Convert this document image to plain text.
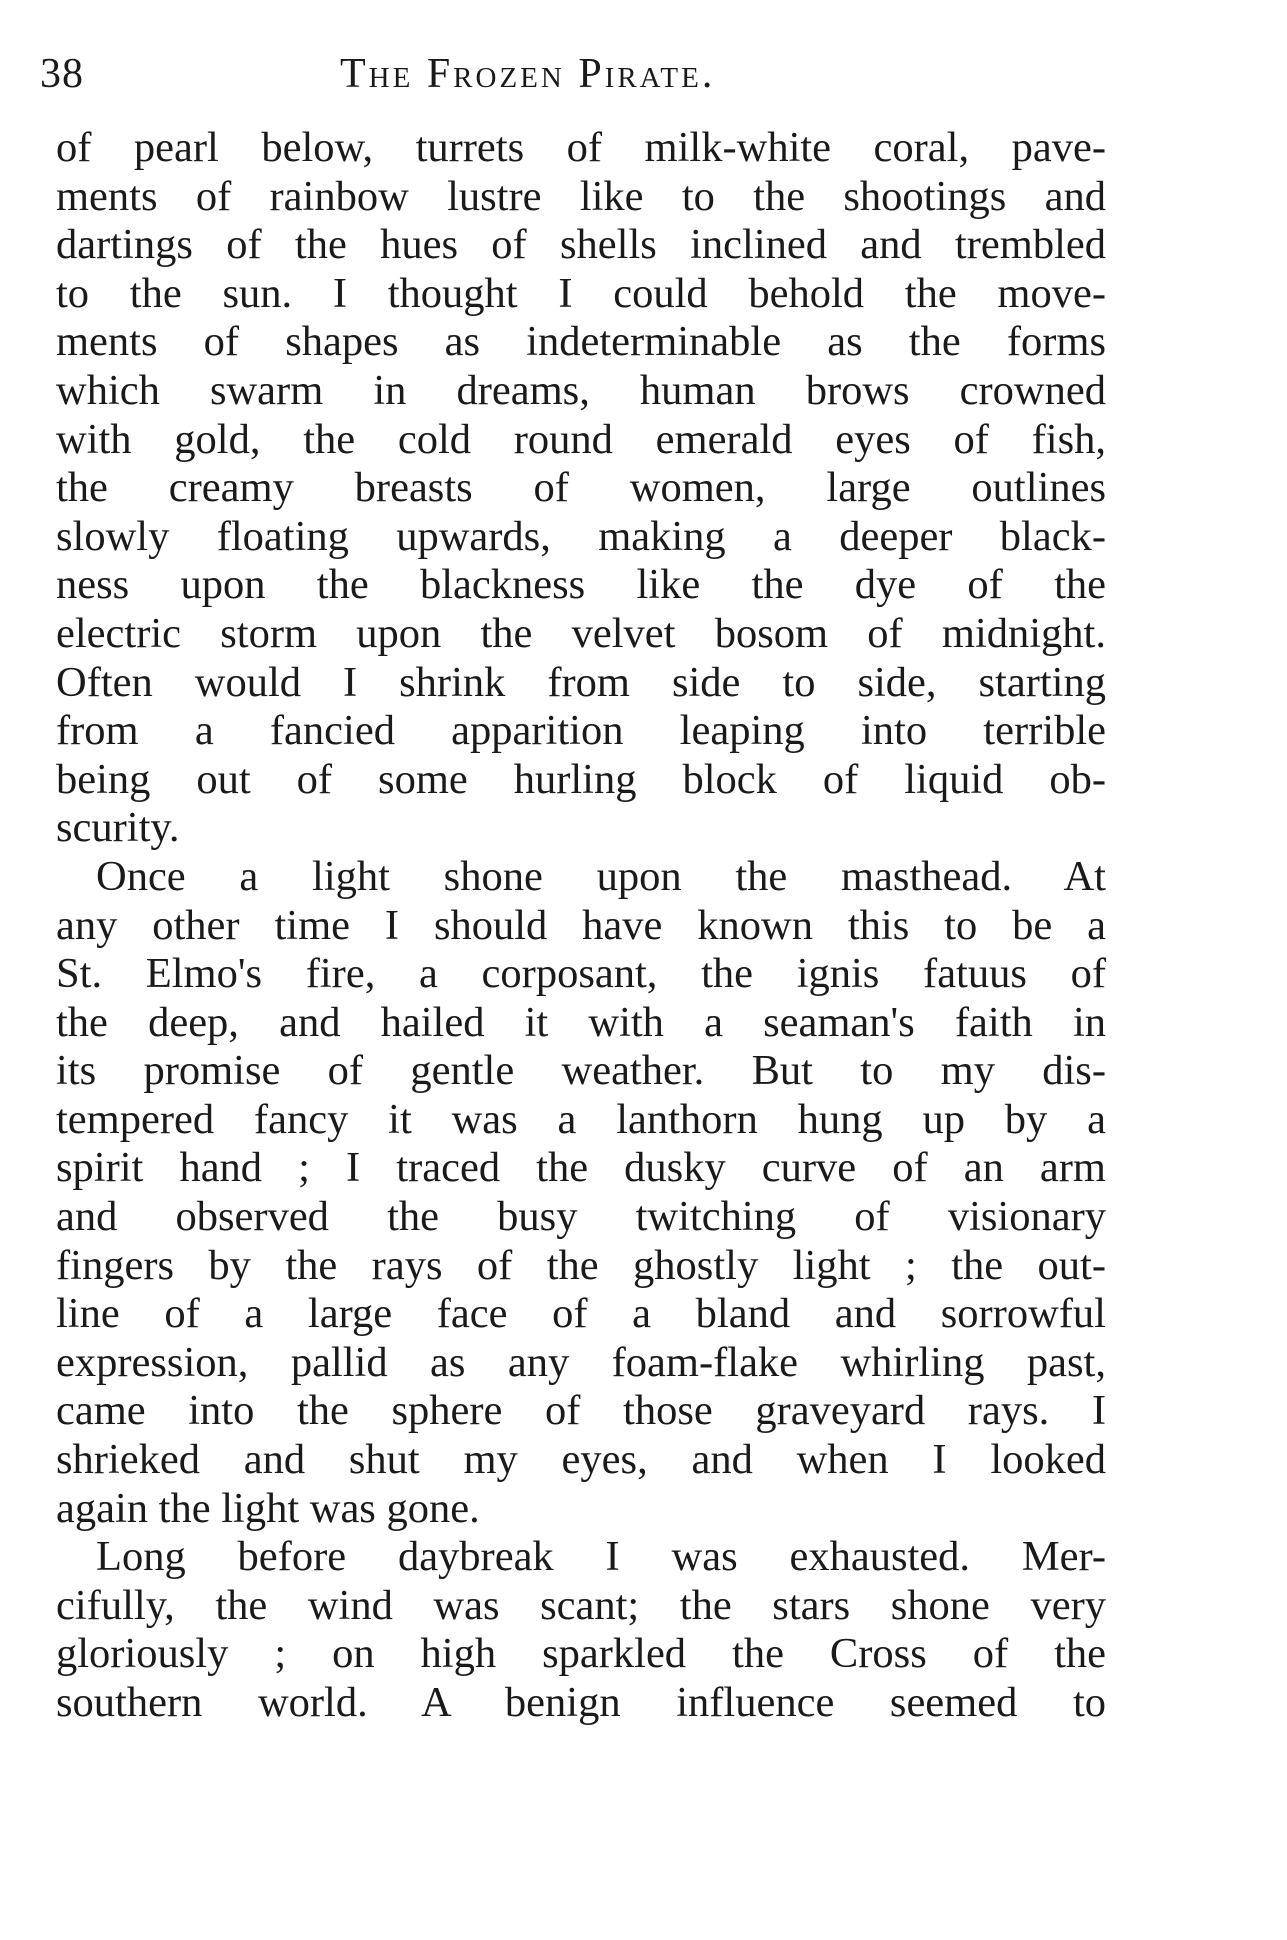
38	The Frozen Pirate.
of pearl below, turrets of milk-white coral, pave-
ments of rainbow lustre like to the shootings and
dartings of the hues of shells inclined and trembled
to the sun. I thought I could behold the move-
ments of shapes as indeterminable as the forms
which swarm in dreams, human brows crowned
with gold, the cold round emerald eyes of fish,
the creamy breasts of women, large outlines
slowly floating upwards, making a deeper black-
ness upon the blackness like the dye of the
electric storm upon the velvet bosom of midnight.
Often would I shrink from side to side, starting
from a fancied apparition leaping into terrible
being out of some hurling block of liquid ob-
scurity.
Once a light shone upon the masthead. At
any other time I should have known this to be a
St. Elmo's fire, a corposant, the ignis fatuus of
the deep, and hailed it with a seaman's faith in
its promise of gentle weather. But to my dis-
tempered fancy it was a lanthorn hung up by a
spirit hand ; I traced the dusky curve of an arm
and observed the busy twitching of visionary
fingers by the rays of the ghostly light ; the out-
line of a large face of a bland and sorrowful
expression, pallid as any foam-flake whirling past,
came into the sphere of those graveyard rays. I
shrieked and shut my eyes, and when I looked
again the light was gone.
Long before daybreak I was exhausted. Mer-
cifully, the wind was scant; the stars shone very
gloriously ; on high sparkled the Cross of the
southern world. A benign influence seemed to
